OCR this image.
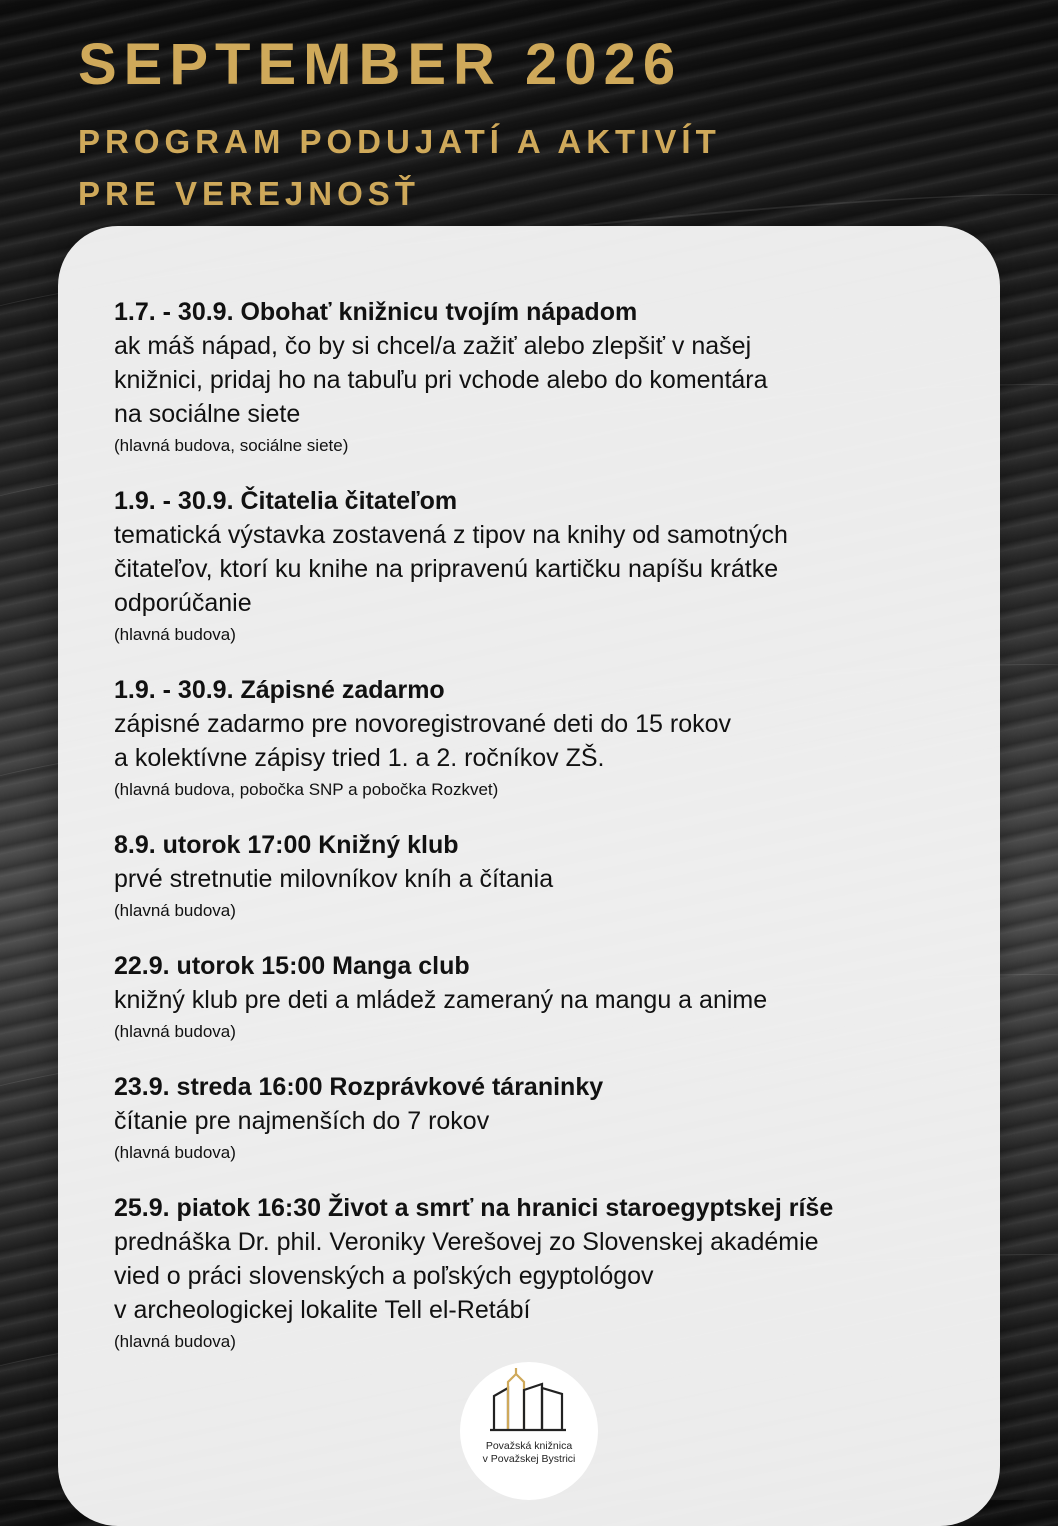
SEPTEMBER 2026
PROGRAM PODUJATÍ A AKTIVÍT
PRE VEREJNOSŤ
1.7. - 30.9. Obohať knižnicu tvojím nápadom
ak máš nápad, čo by si chcel/a zažiť alebo zlepšiť v našej
knižnici, pridaj ho na tabuľu pri vchode alebo do komentára
na sociálne siete
(hlavná budova, sociálne siete)
1.9. - 30.9. Čitatelia čitateľom
tematická výstavka zostavená z tipov na knihy od samotných
čitateľov, ktorí ku knihe na pripravenú kartičku napíšu krátke
odporúčanie
(hlavná budova)
1.9. - 30.9. Zápisné zadarmo
zápisné zadarmo pre novoregistrované deti do 15 rokov
a kolektívne zápisy tried 1. a 2. ročníkov ZŠ.
(hlavná budova, pobočka SNP a pobočka Rozkvet)
8.9. utorok 17:00 Knižný klub
prvé stretnutie milovníkov kníh a čítania
(hlavná budova)
22.9. utorok 15:00 Manga club
knižný klub pre deti a mládež zameraný na mangu a anime
(hlavná budova)
23.9. streda 16:00 Rozprávkové táraninky
čítanie pre najmenších do 7 rokov
(hlavná budova)
25.9. piatok 16:30 Život a smrť na hranici staroegyptskej ríše
prednáška Dr. phil. Veroniky Verešovej zo Slovenskej akadémie
vied o práci slovenských a poľských egyptológov
v archeologickej lokalite Tell el-Retábí
(hlavná budova)
Považská knižnica
v Považskej Bystrici
